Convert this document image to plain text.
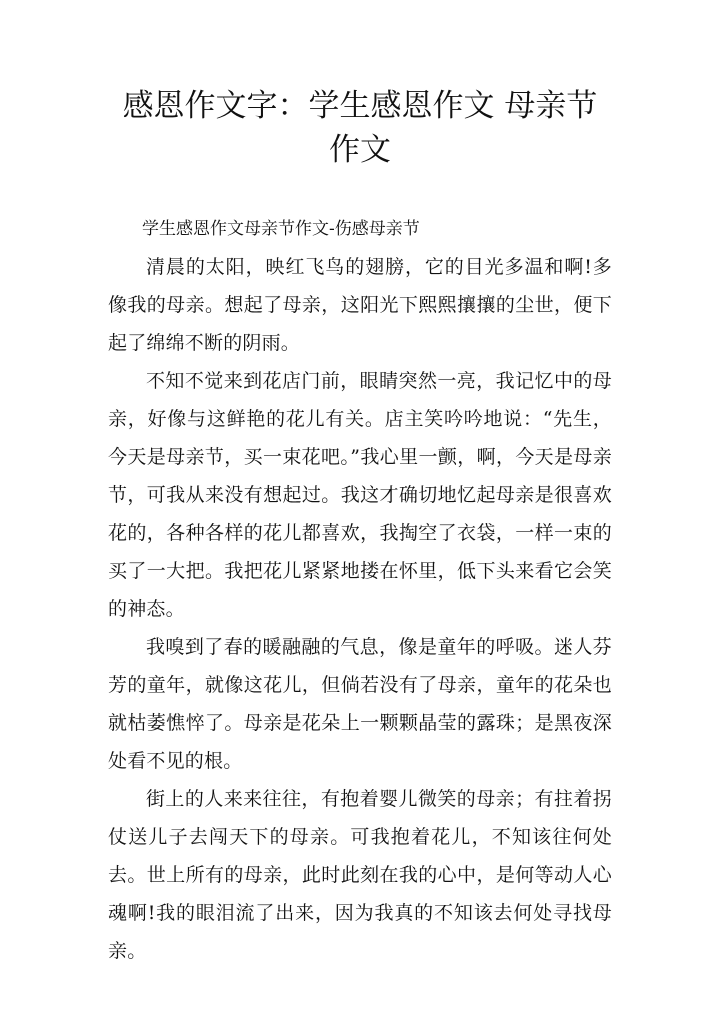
感恩作文字：学生感恩作文 母亲节作文

学生感恩作文母亲节作文-伤感母亲节

清晨的太阳，映红飞鸟的翅膀，它的目光多温和啊!多像我的母亲。想起了母亲，这阳光下熙熙攘攘的尘世，便下起了绵绵不断的阴雨。

不知不觉来到花店门前，眼睛突然一亮，我记忆中的母亲，好像与这鲜艳的花儿有关。店主笑吟吟地说：“先生，今天是母亲节，买一束花吧。”我心里一颤，啊，今天是母亲节，可我从来没有想起过。我这才确切地忆起母亲是很喜欢花的，各种各样的花儿都喜欢，我掏空了衣袋，一样一束的买了一大把。我把花儿紧紧地搂在怀里，低下头来看它会笑的神态。

我嗅到了春的暖融融的气息，像是童年的呼吸。迷人芬芳的童年，就像这花儿，但倘若没有了母亲，童年的花朵也就枯萎憔悴了。母亲是花朵上一颗颗晶莹的露珠；是黑夜深处看不见的根。

街上的人来来往往，有抱着婴儿微笑的母亲；有拄着拐仗送儿子去闯天下的母亲。可我抱着花儿，不知该往何处去。世上所有的母亲，此时此刻在我的心中，是何等动人心魂啊!我的眼泪流了出来，因为我真的不知该去何处寻找母亲。
